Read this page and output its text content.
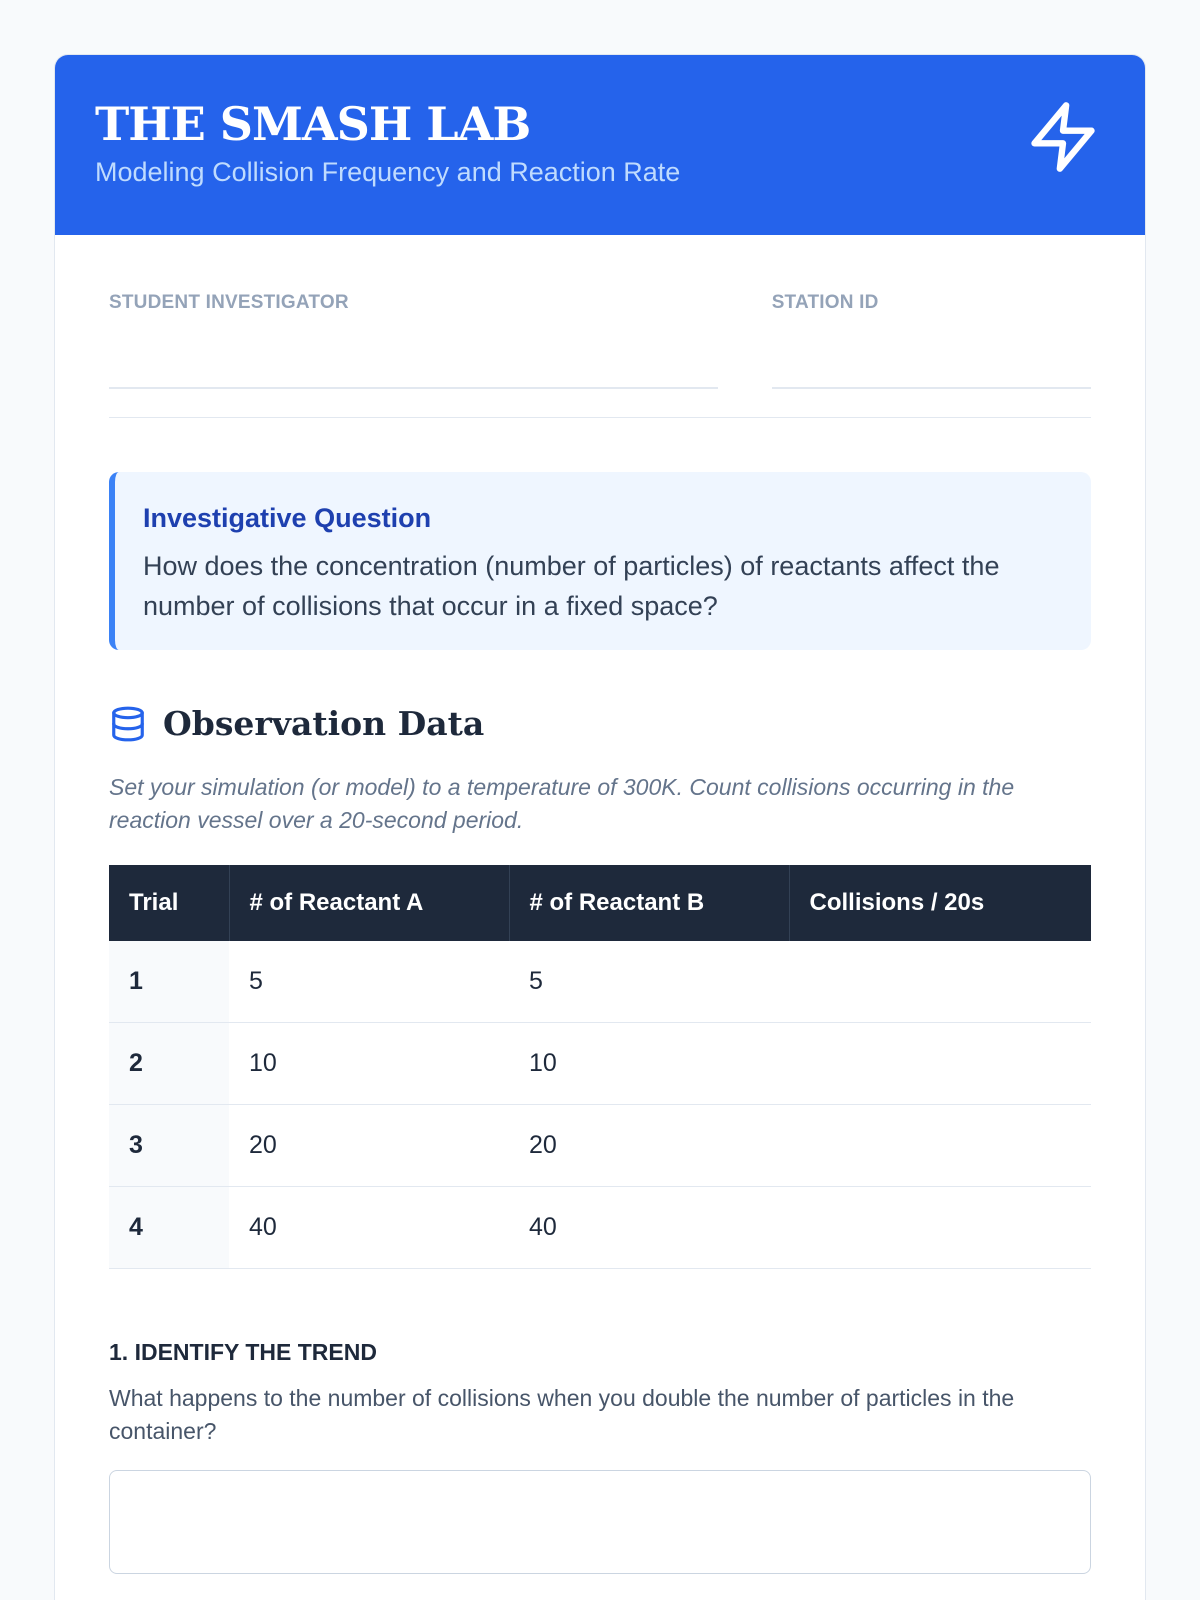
THE SMASH LAB
Modeling Collision Frequency and Reaction Rate
STUDENT INVESTIGATOR	STATION ID
Investigative Question
How does the concentration (number of particles) of reactants affect the number of collisions that occur in a fixed space?
Observation Data
Set your simulation (or model) to a temperature of 300K. Count collisions occurring in the reaction vessel over a 20-second period.
Trial	# of Reactant A	# of Reactant B	Collisions / 20s
1	5	5	
2	10	10	
3	20	20	
4	40	40	
1. IDENTIFY THE TREND
What happens to the number of collisions when you double the number of particles in the container?
